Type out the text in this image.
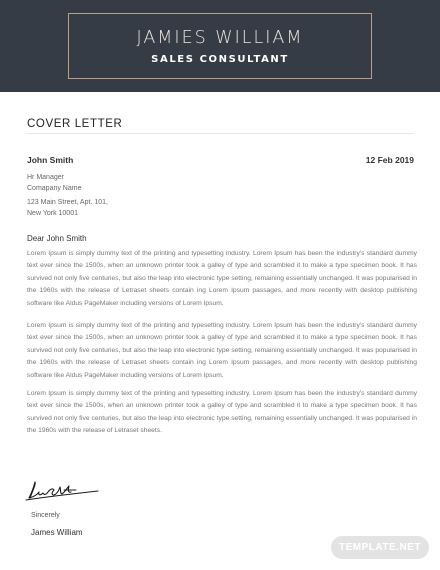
JAMIES WILLIAM
SALES CONSULTANT
COVER LETTER
John Smith	12 Feb 2019
Hr Manager
Comapany Name
123 Main Street, Apt. 101,
New York 10001
Dear John Smith

Lorem Ipsum is simply dummy text of the printing and typesetting industry. Lorem Ipsum has been the industry's standard dummy text ever since the 1500s, when an unknown printer took a galley of type and scrambled it to make a type specimen book. It has survived not only five centuries, but also the leap into electronic type setting, remaining essentially unchanged. It was popularised in the 1960s with the release of Letraset sheets contain ing Lorem Ipsum passages, and more recently with desktop publishing software like Aldus PageMaker including versions of Lorem Ipsum.

Lorem Ipsum is simply dummy text of the printing and typesetting industry. Lorem Ipsum has been the industry's standard dummy text ever since the 1500s, when an unknown printer took a galley of type and scrambled it to make a type specimen book. It has survived not only five centuries, but also the leap into electronic type setting, remaining essentially unchanged. It was popularised in the 1960s with the release of Letraset sheets contain ing Lorem Ipsum passages, and more recently with desktop publishing software like Aldus PageMaker including versions of Lorem Ipsum.

Lorem Ipsum is simply dummy text of the printing and typesetting industry. Lorem Ipsum has been the industry's standard dummy text ever since the 1500s, when an unknown printer took a galley of type and scrambled it to make a type specimen book. It has survived not only five centuries, but also the leap into electronic type setting, remaining essentially unchanged. It was popularised in the 1960s with the release of Letraset sheets.

Sincerely
James William
TEMPLATE.NET
